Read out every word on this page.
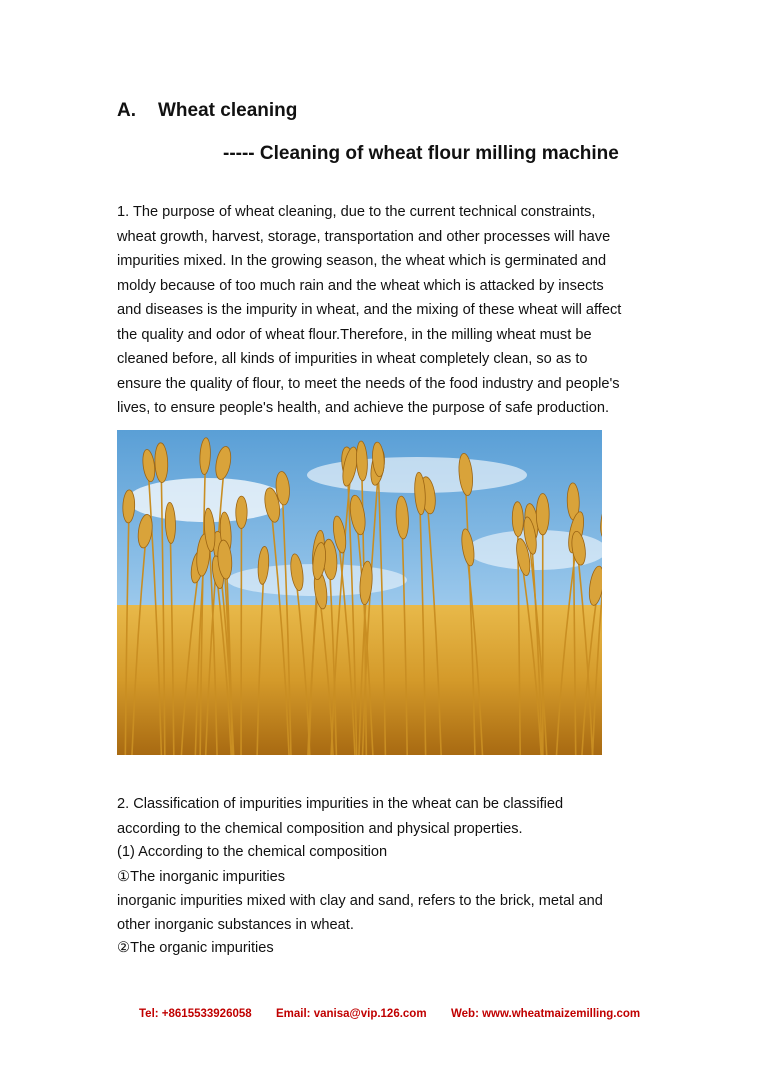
A. Wheat cleaning
----- Cleaning of wheat flour milling machine
1. The purpose of wheat cleaning, due to the current technical constraints,
wheat growth, harvest, storage, transportation and other processes will have
impurities mixed. In the growing season, the wheat which is germinated and
moldy because of too much rain and the wheat which is attacked by insects
and diseases is the impurity in wheat, and the mixing of these wheat will affect
the quality and odor of wheat flour.Therefore, in the milling wheat must be
cleaned before, all kinds of impurities in wheat completely clean, so as to
ensure the quality of flour, to meet the needs of the food industry and people's
lives, to ensure people's health, and achieve the purpose of safe production.
2. Classification of impurities impurities in the wheat can be classified
according to the chemical composition and physical properties.
(1) According to the chemical composition
①The inorganic impurities
inorganic impurities mixed with clay and sand, refers to the brick, metal and
other inorganic substances in wheat.
②The organic impurities
Tel: +8615533926058 Email: vanisa@vip.126.com Web: www.wheatmaizemilling.com
